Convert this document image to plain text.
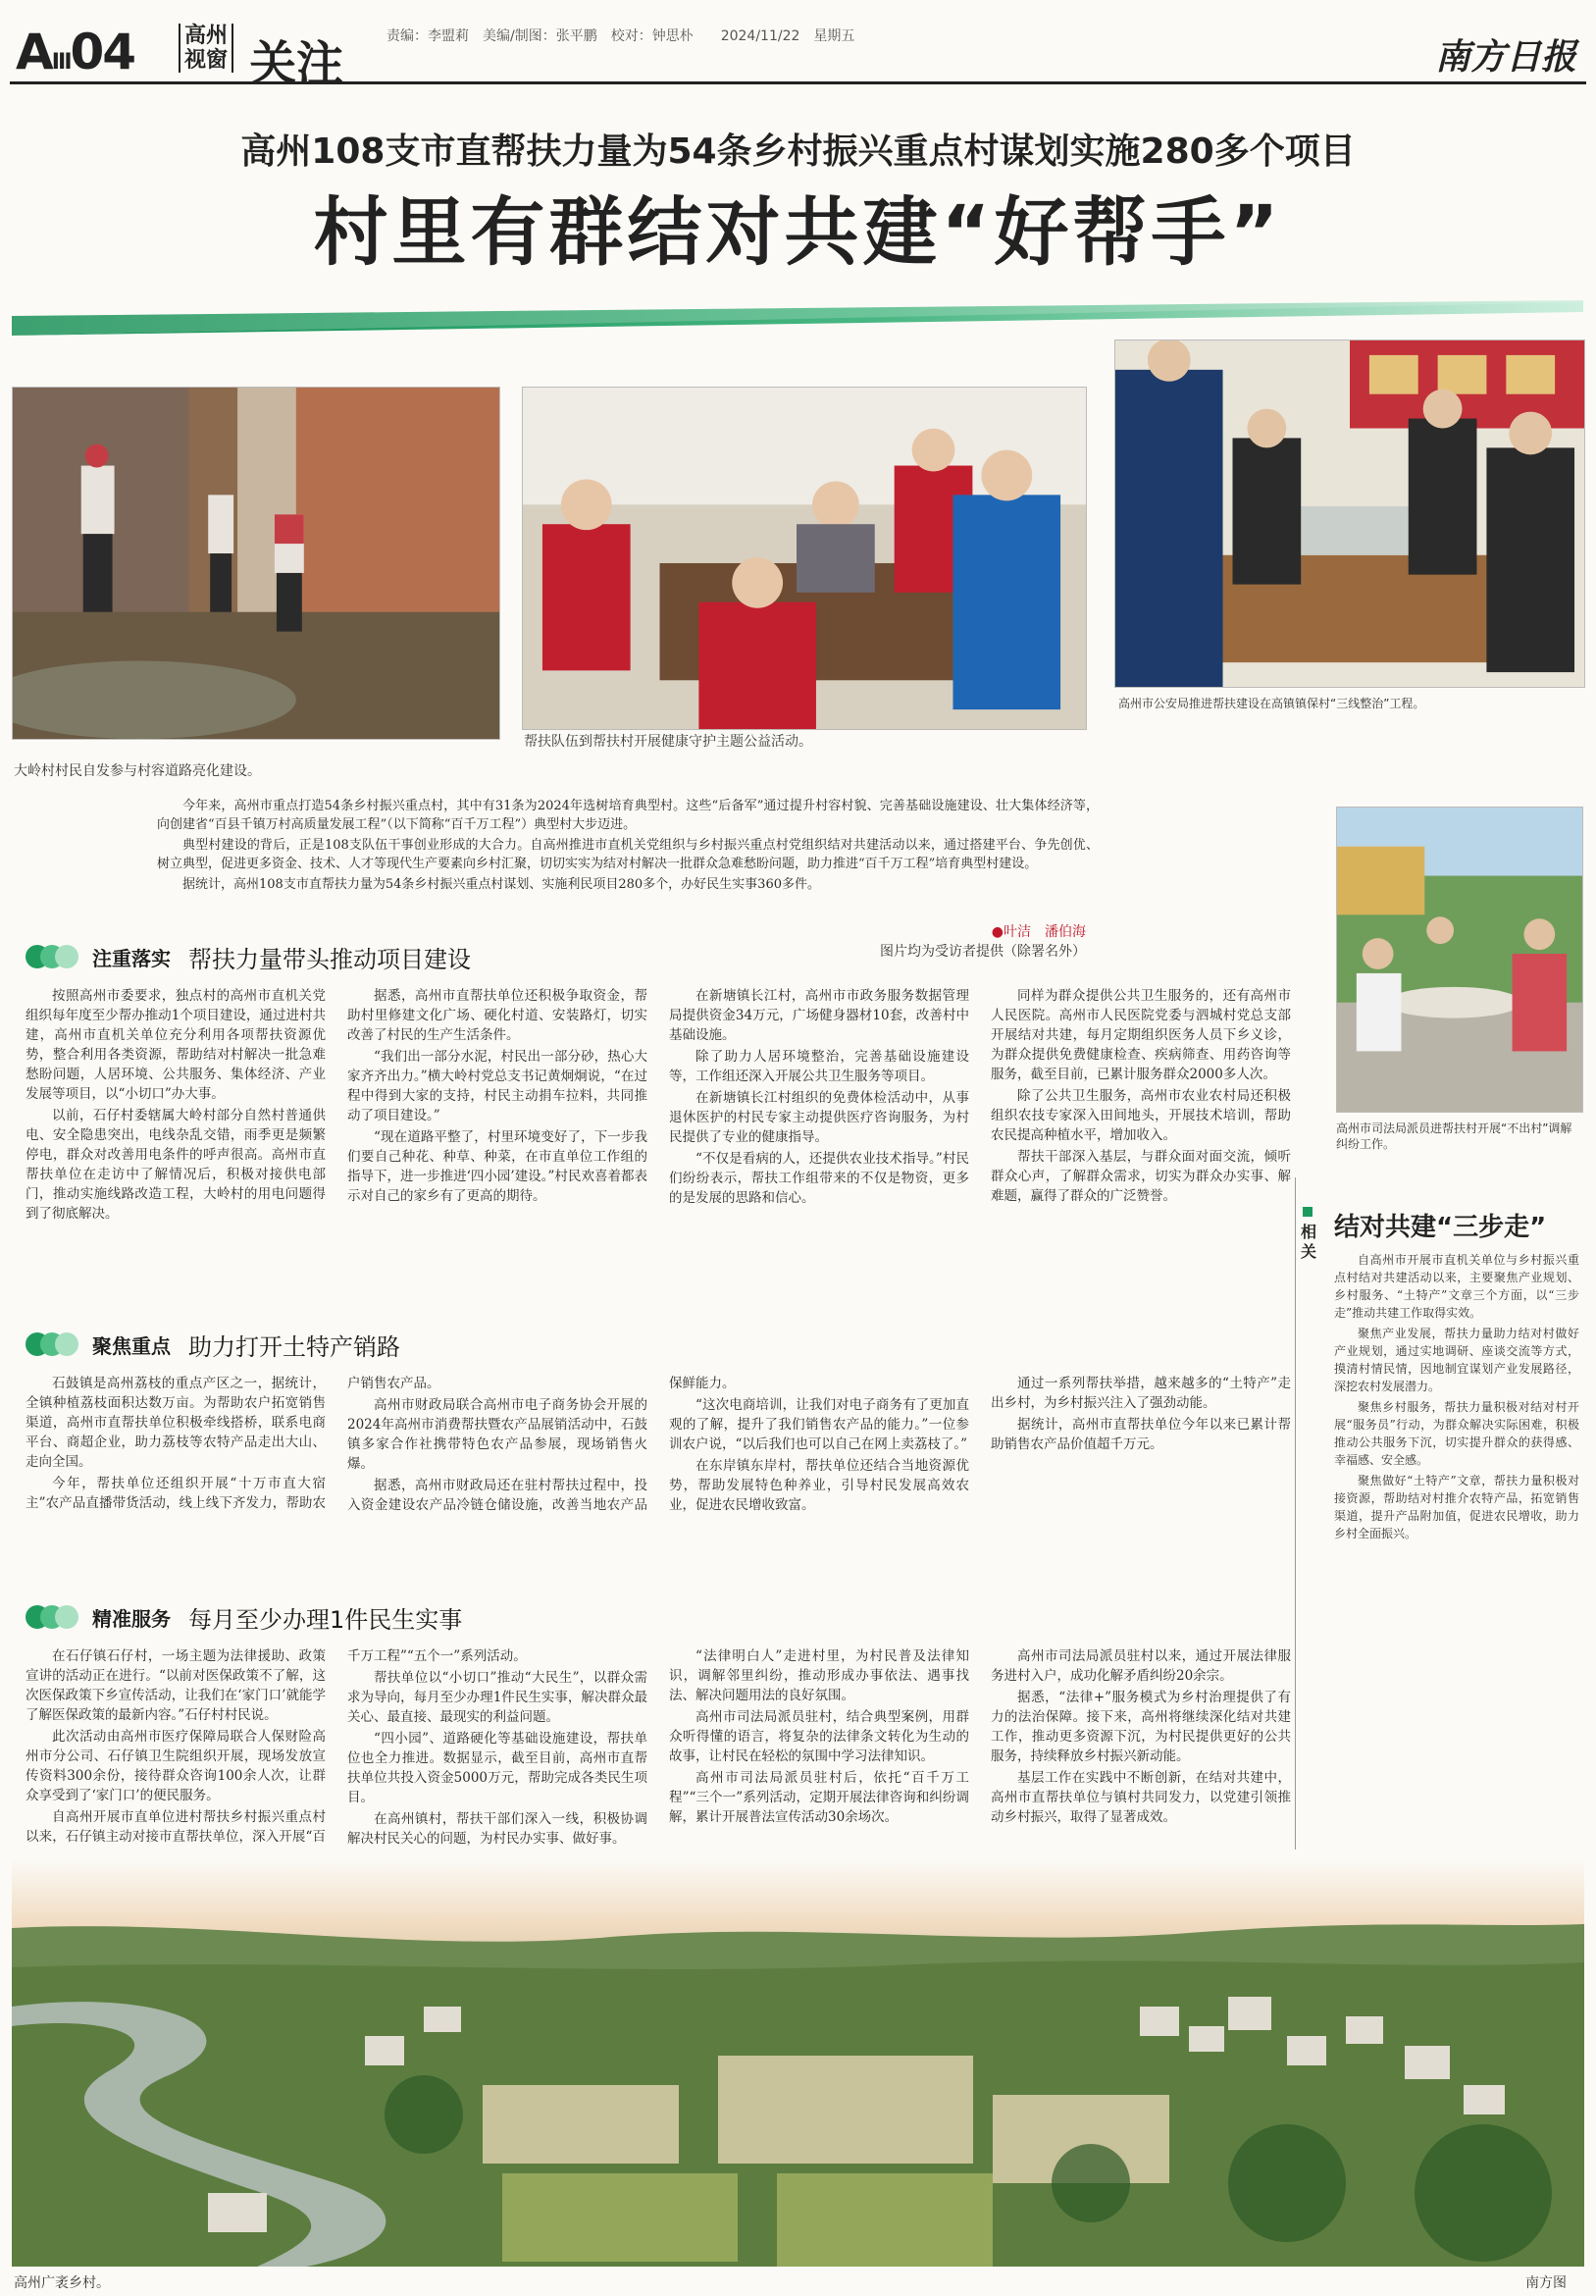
AⅢ04 高州视窗 关注	责编：李盟莉　美编/制图：张平鹏　校对：钟思朴　　2024/11/22　星期五	南方日报
高州108支市直帮扶力量为54条乡村振兴重点村谋划实施280多个项目
村里有群结对共建“好帮手”
大岭村村民自发参与村容道路亮化建设。
帮扶队伍到帮扶村开展健康守护主题公益活动。
高州市公安局推进帮扶建设在高镇镇保村“三线整治”工程。

今年来，高州市重点打造54条乡村振兴重点村，其中有31条为2024年选树培育典型村。这些“后备军”通过提升村容村貌、完善基础设施建设、壮大集体经济等，向创建省“百县千镇万村高质量发展工程”（以下简称“百千万工程”）典型村大步迈进。

典型村建设的背后，正是108支队伍干事创业形成的大合力。自高州推进市直机关党组织与乡村振兴重点村党组织结对共建活动以来，通过搭建平台、争先创优、树立典型，促进更多资金、技术、人才等现代生产要素向乡村汇聚，切切实实为结对村解决一批群众急难愁盼问题，助力推进“百千万工程”培育典型村建设。

据统计，高州108支市直帮扶力量为54条乡村振兴重点村谋划、实施利民项目280多个，办好民生实事360多件。

高州市司法局派员进帮扶村开展“不出村”调解纠纷工作。
注重落实 帮扶力量带头推动项目建设
●叶洁　潘伯海
图片均为受访者提供（除署名外）

按照高州市委要求，独点村的高州市直机关党组织每年度至少帮办推动1个项目建设，通过进村共建，高州市直机关单位充分利用各项帮扶资源优势，整合利用各类资源，帮助结对村解决一批急难愁盼问题，人居环境、公共服务、集体经济、产业发展等项目，以“小切口”办大事。

以前，石仔村委辖属大岭村部分自然村普通供电、安全隐患突出，电线杂乱交错，雨季更是频繁停电，群众对改善用电条件的呼声很高。高州市直帮扶单位在走访中了解情况后，积极对接供电部门，推动实施线路改造工程，大岭村的用电问题得到了彻底解决。

据悉，高州市直帮扶单位还积极争取资金，帮助村里修建文化广场、硬化村道、安装路灯，切实改善了村民的生产生活条件。

“我们出一部分水泥，村民出一部分砂，热心大家齐齐出力。”横大岭村党总支书记黄炯炯说，“在过程中得到大家的支持，村民主动捐车拉料，共同推动了项目建设。”

“现在道路平整了，村里环境变好了，下一步我们要自己种花、种草、种菜，在市直单位工作组的指导下，进一步推进‘四小园’建设。”村民欢喜着都表示对自己的家乡有了更高的期待。

在新塘镇长江村，高州市市政务服务数据管理局提供资金34万元，广场健身器材10套，改善村中基础设施。

除了助力人居环境整治，完善基础设施建设等，工作组还深入开展公共卫生服务等项目。

在新塘镇长江村组织的免费体检活动中，从事退休医护的村民专家主动提供医疗咨询服务，为村民提供了专业的健康指导。

“不仅是看病的人，还提供农业技术指导。”村民们纷纷表示，帮扶工作组带来的不仅是物资，更多的是发展的思路和信心。

同样为群众提供公共卫生服务的，还有高州市人民医院。高州市人民医院党委与泗城村党总支部开展结对共建，每月定期组织医务人员下乡义诊，为群众提供免费健康检查、疾病筛查、用药咨询等服务，截至目前，已累计服务群众2000多人次。

除了公共卫生服务，高州市农业农村局还积极组织农技专家深入田间地头，开展技术培训，帮助农民提高种植水平，增加收入。

帮扶干部深入基层，与群众面对面交流，倾听群众心声，了解群众需求，切实为群众办实事、解难题，赢得了群众的广泛赞誉。

聚焦重点 助力打开土特产销路

石鼓镇是高州荔枝的重点产区之一，据统计，全镇种植荔枝面积达数万亩。为帮助农户拓宽销售渠道，高州市直帮扶单位积极牵线搭桥，联系电商平台、商超企业，助力荔枝等农特产品走出大山、走向全国。

今年，帮扶单位还组织开展“十万市直大宿主”农产品直播带货活动，线上线下齐发力，帮助农户销售农产品。

高州市财政局联合高州市电子商务协会开展的2024年高州市消费帮扶暨农产品展销活动中，石鼓镇多家合作社携带特色农产品参展，现场销售火爆。

据悉，高州市财政局还在驻村帮扶过程中，投入资金建设农产品冷链仓储设施，改善当地农产品保鲜能力。

“这次电商培训，让我们对电子商务有了更加直观的了解，提升了我们销售农产品的能力。”一位参训农户说，“以后我们也可以自己在网上卖荔枝了。”

在东岸镇东岸村，帮扶单位还结合当地资源优势，帮助发展特色种养业，引导村民发展高效农业，促进农民增收致富。

通过一系列帮扶举措，越来越多的“土特产”走出乡村，为乡村振兴注入了强劲动能。

据统计，高州市直帮扶单位今年以来已累计帮助销售农产品价值超千万元。

精准服务 每月至少办理1件民生实事

在石仔镇石仔村，一场主题为法律援助、政策宣讲的活动正在进行。“以前对医保政策不了解，这次医保政策下乡宣传活动，让我们在‘家门口’就能学了解医保政策的最新内容。”石仔村村民说。

此次活动由高州市医疗保障局联合人保财险高州市分公司、石仔镇卫生院组织开展，现场发放宣传资料300余份，接待群众咨询100余人次，让群众享受到了‘家门口’的便民服务。

自高州开展市直单位进村帮扶乡村振兴重点村以来，石仔镇主动对接市直帮扶单位，深入开展“百千万工程”“五个一”系列活动。

帮扶单位以“小切口”推动“大民生”，以群众需求为导向，每月至少办理1件民生实事，解决群众最关心、最直接、最现实的利益问题。

“四小园”、道路硬化等基础设施建设，帮扶单位也全力推进。数据显示，截至目前，高州市直帮扶单位共投入资金5000万元，帮助完成各类民生项目。

在高州镇村，帮扶干部们深入一线，积极协调解决村民关心的问题，为村民办实事、做好事。

“法律明白人”走进村里，为村民普及法律知识，调解邻里纠纷，推动形成办事依法、遇事找法、解决问题用法的良好氛围。

高州市司法局派员驻村，结合典型案例，用群众听得懂的语言，将复杂的法律条文转化为生动的故事，让村民在轻松的氛围中学习法律知识。

高州市司法局派员驻村后，依托“百千万工程”“三个一”系列活动，定期开展法律咨询和纠纷调解，累计开展普法宣传活动30余场次。

高州市司法局派员驻村以来，通过开展法律服务进村入户，成功化解矛盾纠纷20余宗。

据悉，“法律+”服务模式为乡村治理提供了有力的法治保障。接下来，高州将继续深化结对共建工作，推动更多资源下沉，为村民提供更好的公共服务，持续释放乡村振兴新动能。

基层工作在实践中不断创新，在结对共建中，高州市直帮扶单位与镇村共同发力，以党建引领推动乡村振兴，取得了显著成效。

相关
结对共建“三步走”

自高州市开展市直机关单位与乡村振兴重点村结对共建活动以来，主要聚焦产业规划、乡村服务、“土特产”文章三个方面，以“三步走”推动共建工作取得实效。

聚焦产业发展，帮扶力量助力结对村做好产业规划，通过实地调研、座谈交流等方式，摸清村情民情，因地制宜谋划产业发展路径，深挖农村发展潜力。

聚焦乡村服务，帮扶力量积极对结对村开展“服务员”行动，为群众解决实际困难，积极推动公共服务下沉，切实提升群众的获得感、幸福感、安全感。

聚焦做好“土特产”文章，帮扶力量积极对接资源，帮助结对村推介农特产品，拓宽销售渠道，提升产品附加值，促进农民增收，助力乡村全面振兴。

高州广袤乡村。	南方图
